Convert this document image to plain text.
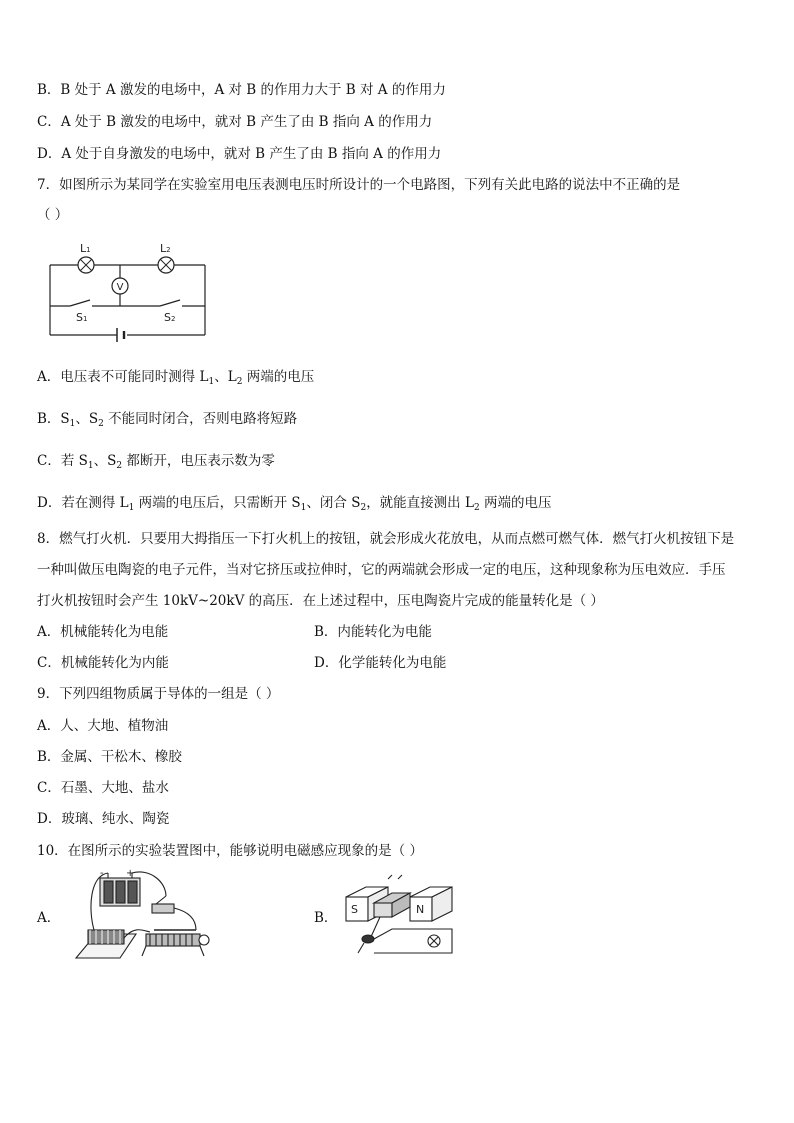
B．B 处于 A 激发的电场中，A 对 B 的作用力大于 B 对 A 的作用力
C．A 处于 B 激发的电场中，就对 B 产生了由 B 指向 A 的作用力
D．A 处于自身激发的电场中，就对 B 产生了由 B 指向 A 的作用力
7．如图所示为某同学在实验室用电压表测电压时所设计的一个电路图，下列有关此电路的说法中不正确的是
（ ）
V
L1	L2
S1	S2
A．电压表不可能同时测得 $L_1$、$L_2$ 两端的电压
B．$S_1$、$S_2$ 不能同时闭合，否则电路将短路
C．若 $S_1$、$S_2$ 都断开，电压表示数为零
D．若在测得 $L_1$ 两端的电压后，只需断开 $S_1$、闭合 $S_2$，就能直接测出 $L_2$ 两端的电压
8．燃气打火机．只要用大拇指压一下打火机上的按钮，就会形成火花放电，从而点燃可燃气体．燃气打火机按钮下是
一种叫做压电陶瓷的电子元件，当对它挤压或拉伸时，它的两端就会形成一定的电压，这种现象称为压电效应．手压
打火机按钮时会产生 10kV~20kV 的高压．在上述过程中，压电陶瓷片完成的能量转化是（ ）
A．机械能转化为电能	B．内能转化为电能
C．机械能转化为内能	D．化学能转化为电能
9．下列四组物质属于导体的一组是（ ）
A．人、大地、植物油
B．金属、干松木、橡胶
C．石墨、大地、盐水
D．玻璃、纯水、陶瓷
10．在图所示的实验装置图中，能够说明电磁感应现象的是（ ）
A．	B．
+
-
S	N
